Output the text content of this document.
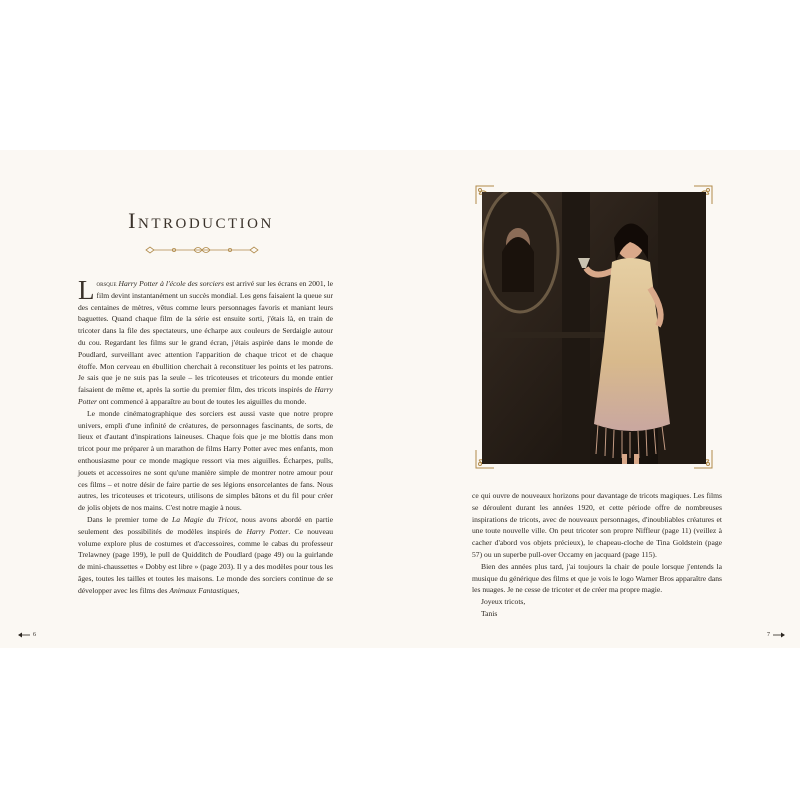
Introduction

Lorsque Harry Potter à l'école des sorciers est arrivé sur les écrans en 2001, le film devint instantanément un succès mondial. Les gens faisaient la queue sur des centaines de mètres, vêtus comme leurs personnages favoris et maniant leurs baguettes. Quand chaque film de la série est ensuite sorti, j'étais là, en train de tricoter dans la file des spectateurs, une écharpe aux couleurs de Serdaigle autour du cou. Regardant les films sur le grand écran, j'étais aspirée dans le monde de Poudlard, surveillant avec attention l'apparition de chaque tricot et de chaque étoffe. Mon cerveau en ébullition cherchait à reconstituer les points et les patrons. Je sais que je ne suis pas la seule – les tricoteuses et tricoteurs du monde entier faisaient de même et, après la sortie du premier film, des tricots inspirés de Harry Potter ont commencé à apparaître au bout de toutes les aiguilles du monde.

Le monde cinématographique des sorciers est aussi vaste que notre propre univers, empli d'une infinité de créatures, de personnages fascinants, de sorts, de lieux et d'autant d'inspirations laineuses. Chaque fois que je me blottis dans mon tricot pour me préparer à un marathon de films Harry Potter avec mes enfants, mon enthousiasme pour ce monde magique ressort via mes aiguilles. Écharpes, pulls, jouets et accessoires ne sont qu'une manière simple de montrer notre amour pour ces films – et notre désir de faire partie de ses légions ensorcelantes de fans. Nous autres, les tricoteuses et tricoteurs, utilisons de simples bâtons et du fil pour créer de jolis objets de nos mains. C'est notre magie à nous.

Dans le premier tome de La Magie du Tricot, nous avons abordé en partie seulement des possibilités de modèles inspirés de Harry Potter. Ce nouveau volume explore plus de costumes et d'accessoires, comme le cabas du professeur Trelawney (page 199), le pull de Quidditch de Poudlard (page 49) ou la guirlande de mini-chaussettes « Dobby est libre » (page 203). Il y a des modèles pour tous les âges, toutes les tailles et toutes les maisons. Le monde des sorciers continue de se développer avec les films des Animaux Fantastiques,

6

ce qui ouvre de nouveaux horizons pour davantage de tricots magiques. Les films se déroulent durant les années 1920, et cette période offre de nombreuses inspirations de tricots, avec de nouveaux personnages, d'inoubliables créatures et une toute nouvelle ville. On peut tricoter son propre Niffleur (page 11) (veillez à cacher d'abord vos objets précieux), le chapeau-cloche de Tina Goldstein (page 57) ou un superbe pull-over Occamy en jacquard (page 115).

Bien des années plus tard, j'ai toujours la chair de poule lorsque j'entends la musique du générique des films et que je vois le logo Warner Bros apparaître dans les nuages. Je ne cesse de tricoter et de créer ma propre magie.

Joyeux tricots,

Tanis

7
